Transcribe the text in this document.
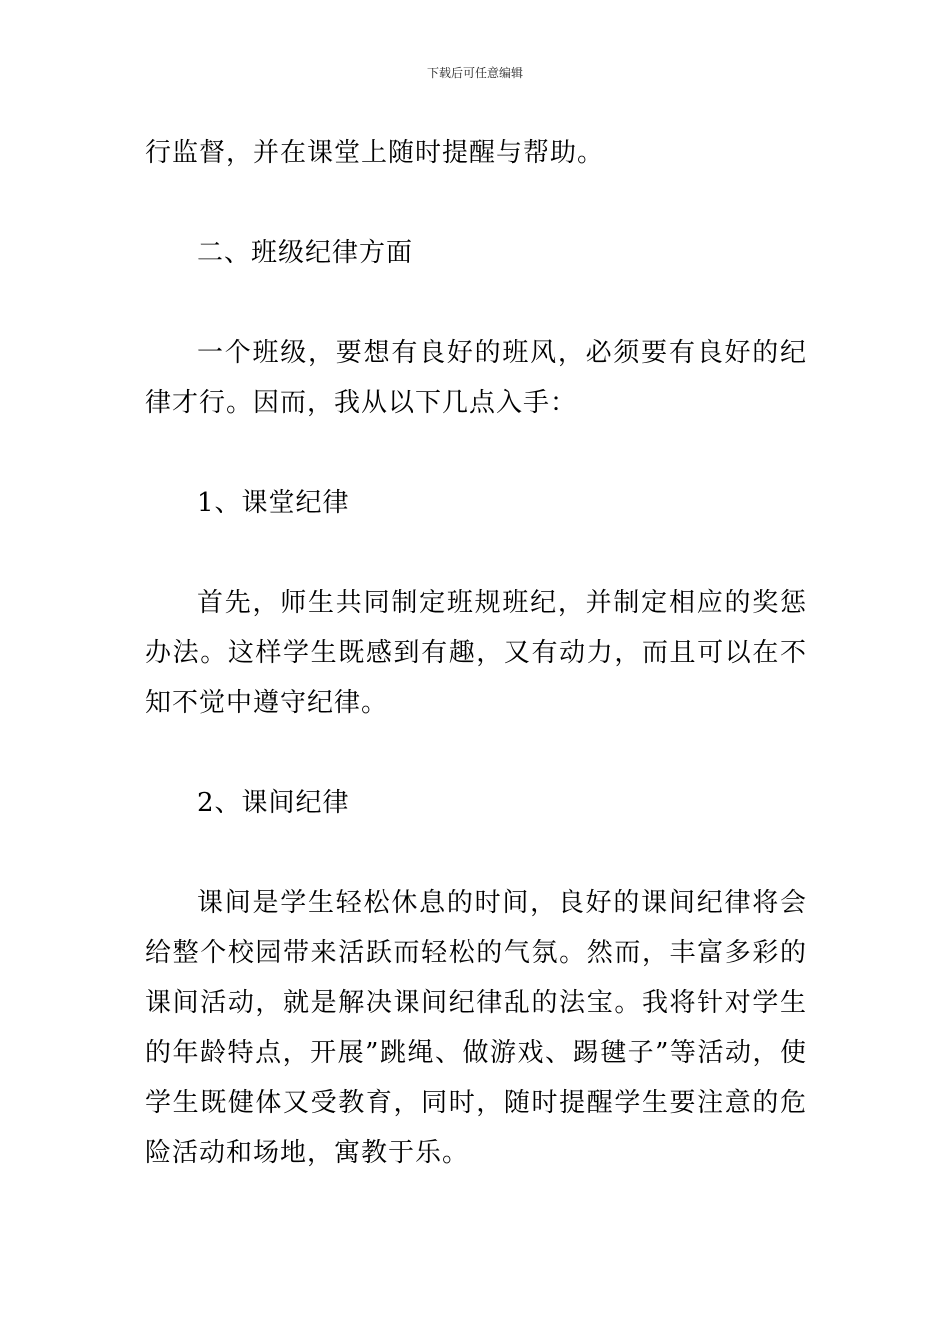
下载后可任意编辑

行监督，并在课堂上随时提醒与帮助。

二、班级纪律方面

一个班级，要想有良好的班风，必须要有良好的纪律才行。因而，我从以下几点入手：

1、课堂纪律

首先，师生共同制定班规班纪，并制定相应的奖惩办法。这样学生既感到有趣，又有动力，而且可以在不知不觉中遵守纪律。

2、课间纪律

课间是学生轻松休息的时间，良好的课间纪律将会给整个校园带来活跃而轻松的气氛。然而，丰富多彩的课间活动，就是解决课间纪律乱的法宝。我将针对学生的年龄特点，开展”跳绳、做游戏、踢毽子”等活动，使学生既健体又受教育，同时，随时提醒学生要注意的危险活动和场地，寓教于乐。
